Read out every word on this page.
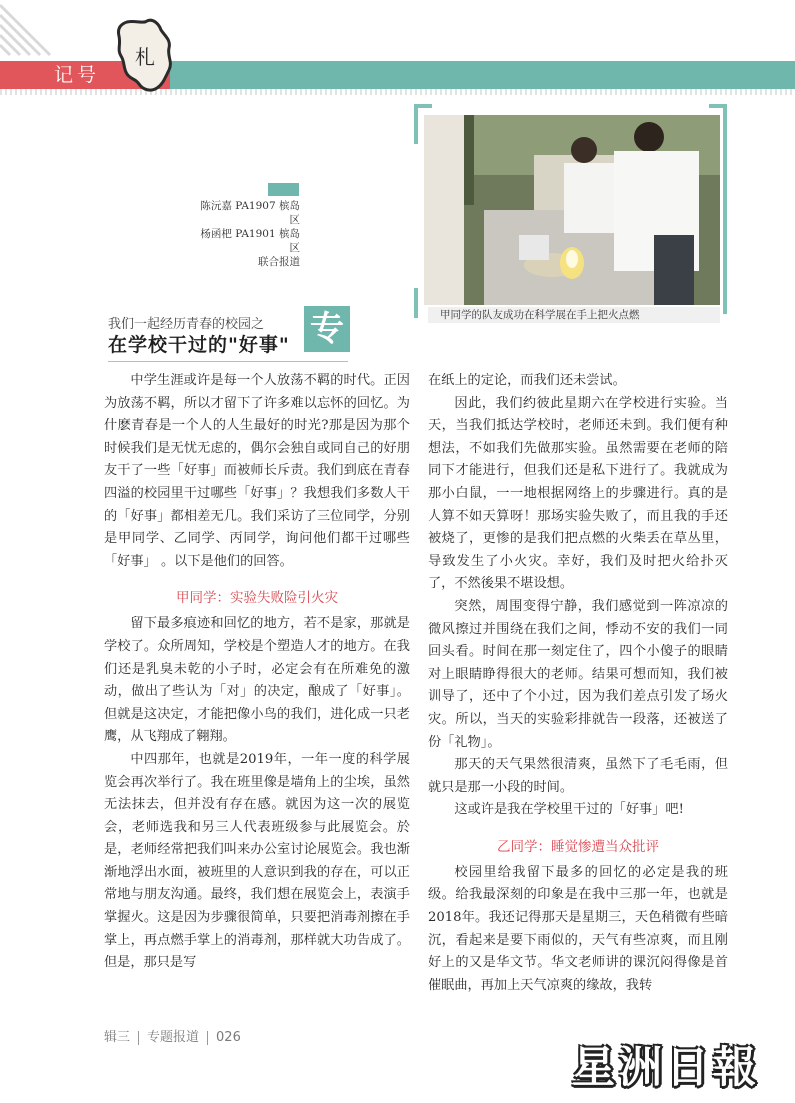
记号
札
甲同学的队友成功在科学展在手上把火点燃
陈沅嘉 PA1907 槟岛区
杨函杷 PA1901 槟岛区
联合报道
我们一起经历青春的校园之
在学校干过的"好事" 专

中学生涯或许是每一个人放荡不羁的时代。正因为放荡不羁，所以才留下了许多难以忘怀的回忆。为什麽青春是一个人的人生最好的时光?那是因为那个时候我们是无忧无虑的，偶尔会独自或同自己的好朋友干了一些「好事」而被师长斥责。我们到底在青春四溢的校园里干过哪些「好事」？我想我们多数人干的「好事」都相差无几。我们采访了三位同学，分别是甲同学、乙同学、丙同学，询问他们都干过哪些 「好事」 。以下是他们的回答。

甲同学：实验失败险引火灾

留下最多痕迹和回忆的地方，若不是家，那就是学校了。众所周知，学校是个塑造人才的地方。在我们还是乳臭未乾的小子时，必定会有在所难免的激动，做出了些认为「对」的决定，酿成了「好事」。但就是这决定，才能把像小鸟的我们，进化成一只老鹰，从飞翔成了翱翔。

中四那年，也就是2019年，一年一度的科学展览会再次举行了。我在班里像是墙角上的尘埃，虽然无法抹去，但并没有存在感。就因为这一次的展览会，老师选我和另三人代表班级参与此展览会。於是，老师经常把我们叫来办公室讨论展览会。我也渐渐地浮出水面，被班里的人意识到我的存在，可以正常地与朋友沟通。最终，我们想在展览会上，表演手掌握火。这是因为步骤很简单，只要把消毒剂擦在手掌上，再点燃手掌上的消毒剂，那样就大功告成了。但是，那只是写

在纸上的定论，而我们还未尝试。

因此，我们约彼此星期六在学校进行实验。当天，当我们抵达学校时，老师还未到。我们便有种想法，不如我们先做那实验。虽然需要在老师的陪同下才能进行，但我们还是私下进行了。我就成为那小白鼠，一一地根据网络上的步骤进行。真的是人算不如天算呀！那场实验失败了，而且我的手还被烧了，更惨的是我们把点燃的火柴丢在草丛里，导致发生了小火灾。幸好，我们及时把火给扑灭了，不然後果不堪设想。

突然，周围变得宁静，我们感觉到一阵凉凉的微风擦过并围绕在我们之间，悸动不安的我们一同回头看。时间在那一刻定住了，四个小傻子的眼睛对上眼睛睁得很大的老师。结果可想而知，我们被训导了，还中了个小过，因为我们差点引发了场火灾。所以，当天的实验彩排就告一段落，还被送了份「礼物」。

那天的天气果然很清爽，虽然下了毛毛雨，但就只是那一小段的时间。

这或许是我在学校里干过的「好事」吧!

乙同学：睡觉惨遭当众批评

校园里给我留下最多的回忆的必定是我的班级。给我最深刻的印象是在我中三那一年，也就是2018年。我还记得那天是星期三，天色稍微有些暗沉，看起来是要下雨似的，天气有些凉爽，而且刚好上的又是华文节。华文老师讲的课沉闷得像是首催眠曲，再加上天气凉爽的缘故，我转

辑三 专题报道 026
星洲日報
